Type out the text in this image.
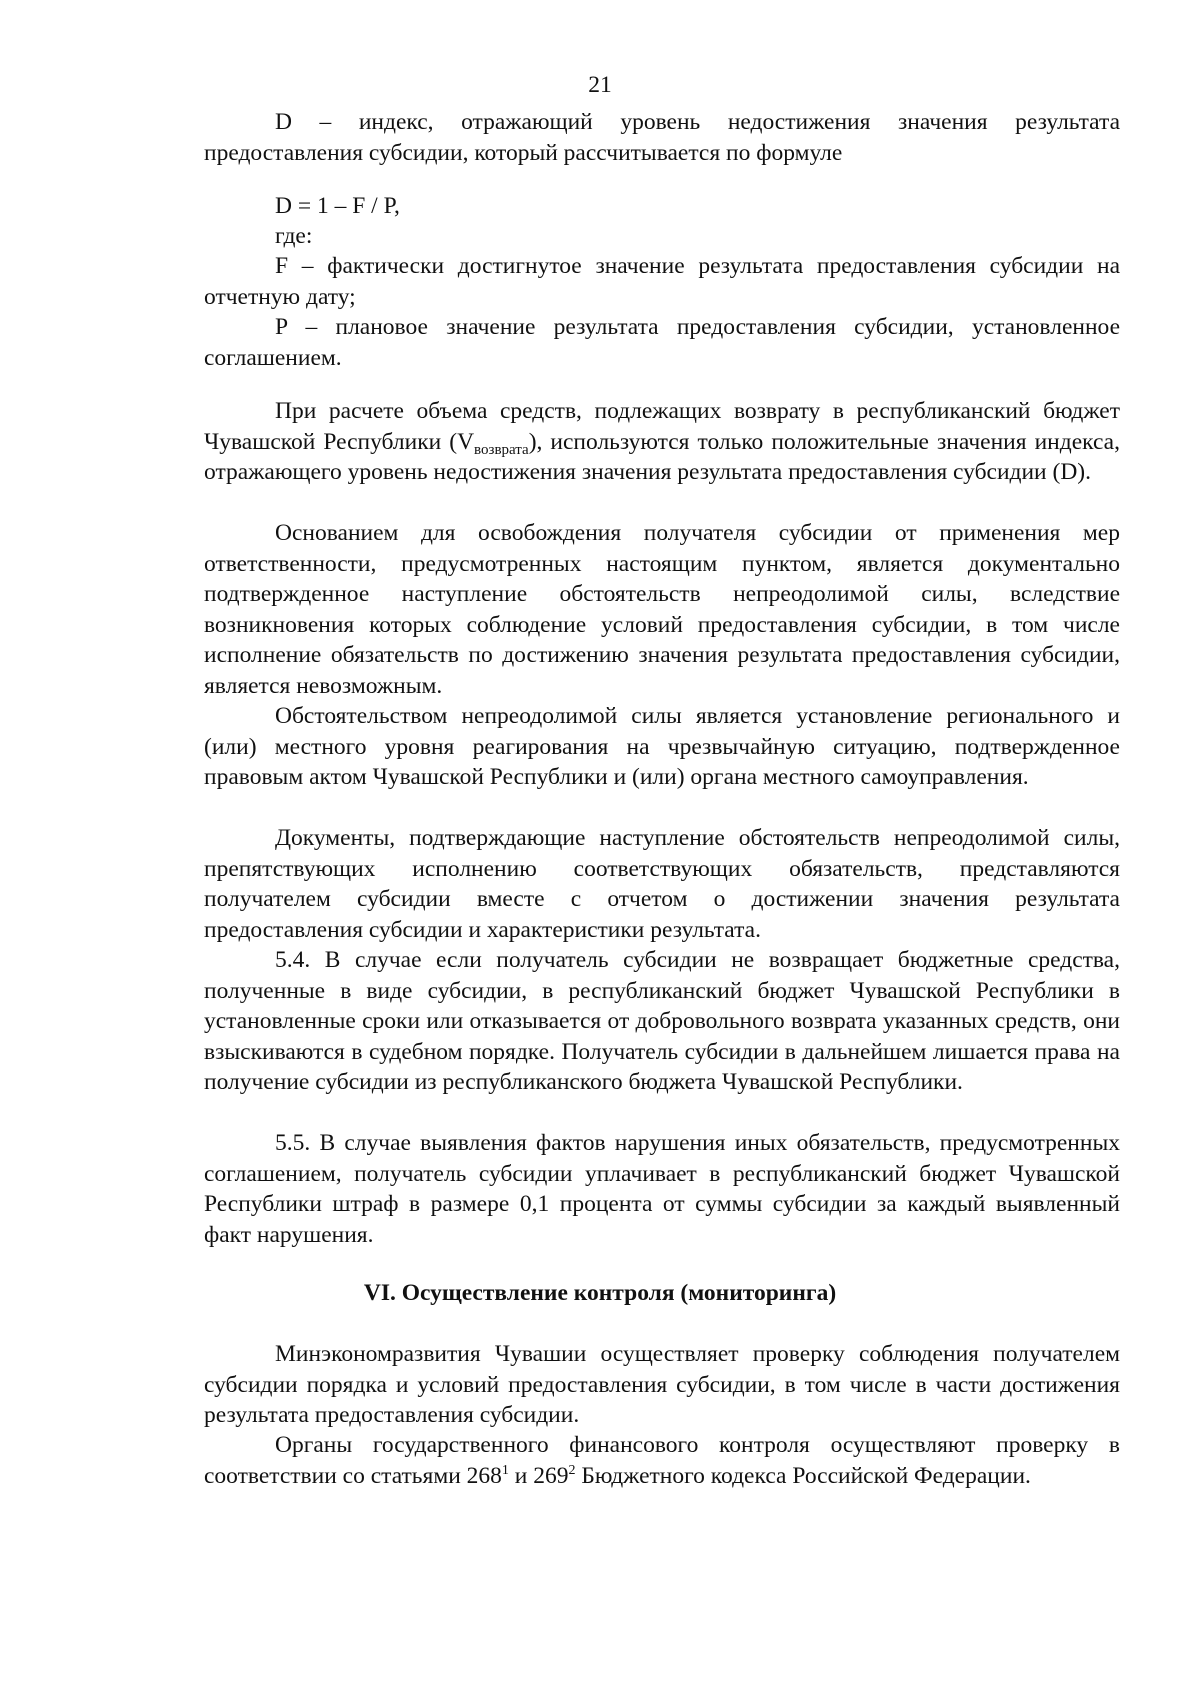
21

D – индекс, отражающий уровень недостижения значения результата предоставления субсидии, который рассчитывается по формуле

D = 1 – F / P,

где:

F – фактически достигнутое значение результата предоставления субсидии на отчетную дату;

P – плановое значение результата предоставления субсидии, установленное соглашением.

При расчете объема средств, подлежащих возврату в республиканский бюджет Чувашской Республики $(V_{возврата})$, используются только положительные значения индекса, отражающего уровень недостижения значения результата предоставления субсидии (D).

Основанием для освобождения получателя субсидии от применения мер ответственности, предусмотренных настоящим пунктом, является документально подтвержденное наступление обстоятельств непреодолимой силы, вследствие возникновения которых соблюдение условий предоставления субсидии, в том числе исполнение обязательств по достижению значения результата предоставления субсидии, является невозможным.

Обстоятельством непреодолимой силы является установление регионального и (или) местного уровня реагирования на чрезвычайную ситуацию, подтвержденное правовым актом Чувашской Республики и (или) органа местного самоуправления.

Документы, подтверждающие наступление обстоятельств непреодолимой силы, препятствующих исполнению соответствующих обязательств, представляются получателем субсидии вместе с отчетом о достижении значения результата предоставления субсидии и характеристики результата.

5.4. В случае если получатель субсидии не возвращает бюджетные средства, полученные в виде субсидии, в республиканский бюджет Чувашской Республики в установленные сроки или отказывается от добровольного возврата указанных средств, они взыскиваются в судебном порядке. Получатель субсидии в дальнейшем лишается права на получение субсидии из республиканского бюджета Чувашской Республики.

5.5. В случае выявления фактов нарушения иных обязательств, предусмотренных соглашением, получатель субсидии уплачивает в республиканский бюджет Чувашской Республики штраф в размере 0,1 процента от суммы субсидии за каждый выявленный факт нарушения.

VI. Осуществление контроля (мониторинга)

Минэкономразвития Чувашии осуществляет проверку соблюдения получателем субсидии порядка и условий предоставления субсидии, в том числе в части достижения результата предоставления субсидии.

Органы государственного финансового контроля осуществляют проверку в соответствии со статьями $268^1$ и $269^2$ Бюджетного кодекса Российской Федерации.
